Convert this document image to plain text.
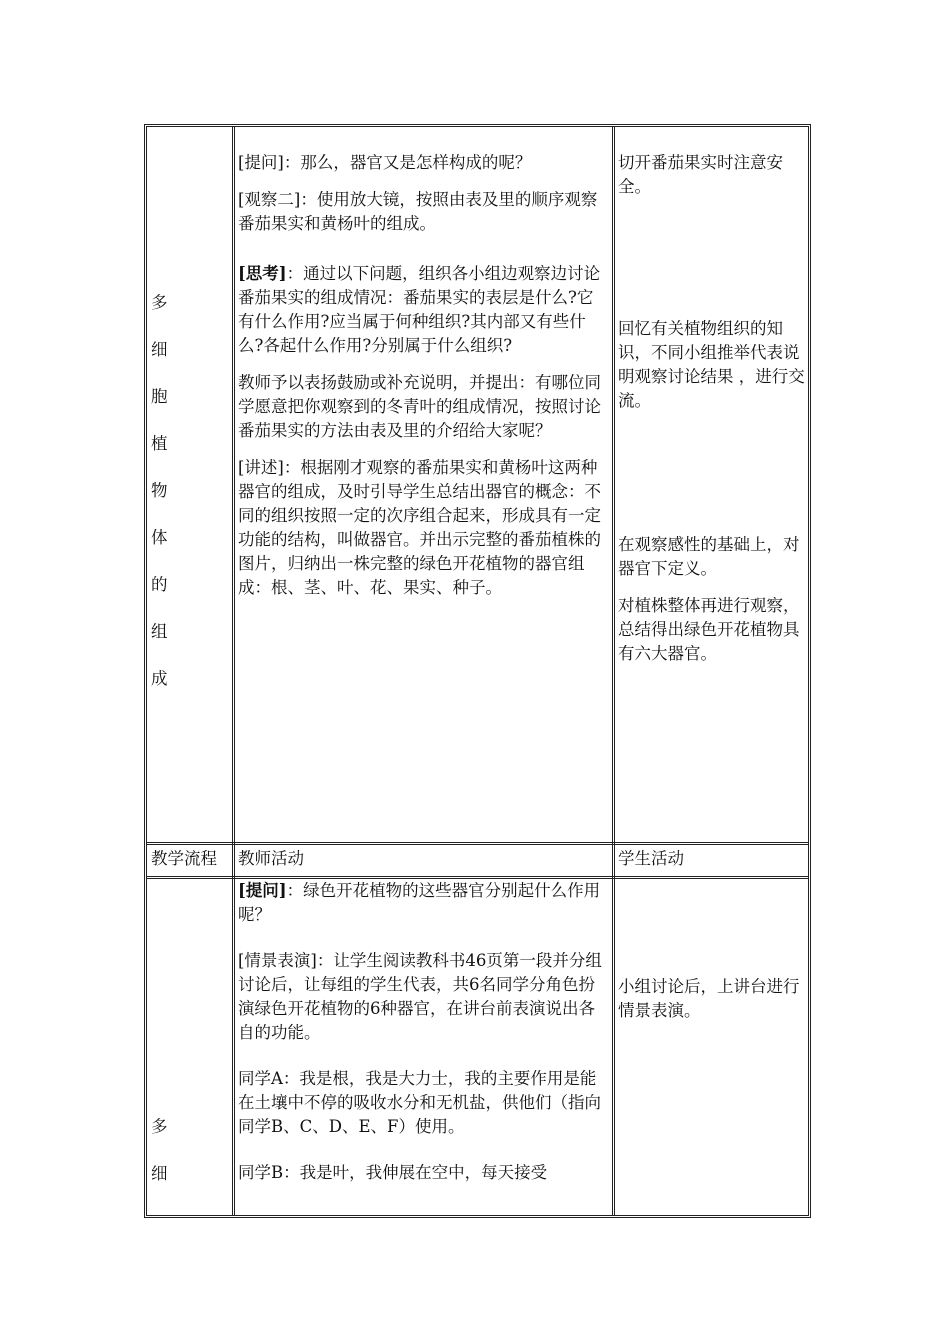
多
细
胞
植
物
体
的
组
成

[提问]：那么，器官又是怎样构成的呢？

[观察二]：使用放大镜，按照由表及里的顺序观察番茄果实和黄杨叶的组成。

[思考]：通过以下问题，组织各小组边观察边讨论番茄果实的组成情况：番茄果实的表层是什么?它有什么作用?应当属于何种组织?其内部又有些什么?各起什么作用?分别属于什么组织?

教师予以表扬鼓励或补充说明，并提出：有哪位同学愿意把你观察到的冬青叶的组成情况，按照讨论番茄果实的方法由表及里的介绍给大家呢？

[讲述]：根据刚才观察的番茄果实和黄杨叶这两种器官的组成，及时引导学生总结出器官的概念：不同的组织按照一定的次序组合起来，形成具有一定功能的结构，叫做器官。并出示完整的番茄植株的图片，归纳出一株完整的绿色开花植物的器官组成：根、茎、叶、花、果实、种子。

切开番茄果实时注意安全。

回忆有关植物组织的知识，不同小组推举代表说明观察讨论结果 ，进行交流。

在观察感性的基础上，对器官下定义。

对植株整体再进行观察，总结得出绿色开花植物具有六大器官。

教学流程 教师活动	学生活动
多
细

[提问]：绿色开花植物的这些器官分别起什么作用呢？

[情景表演]：让学生阅读教科书46页第一段并分组讨论后，让每组的学生代表，共6名同学分角色扮演绿色开花植物的6种器官，在讲台前表演说出各自的功能。

同学A：我是根，我是大力士，我的主要作用是能在土壤中不停的吸收水分和无机盐，供他们（指向同学B、C、D、E、F）使用。

同学B：我是叶，我伸展在空中，每天接受

小组讨论后，上讲台进行情景表演。
